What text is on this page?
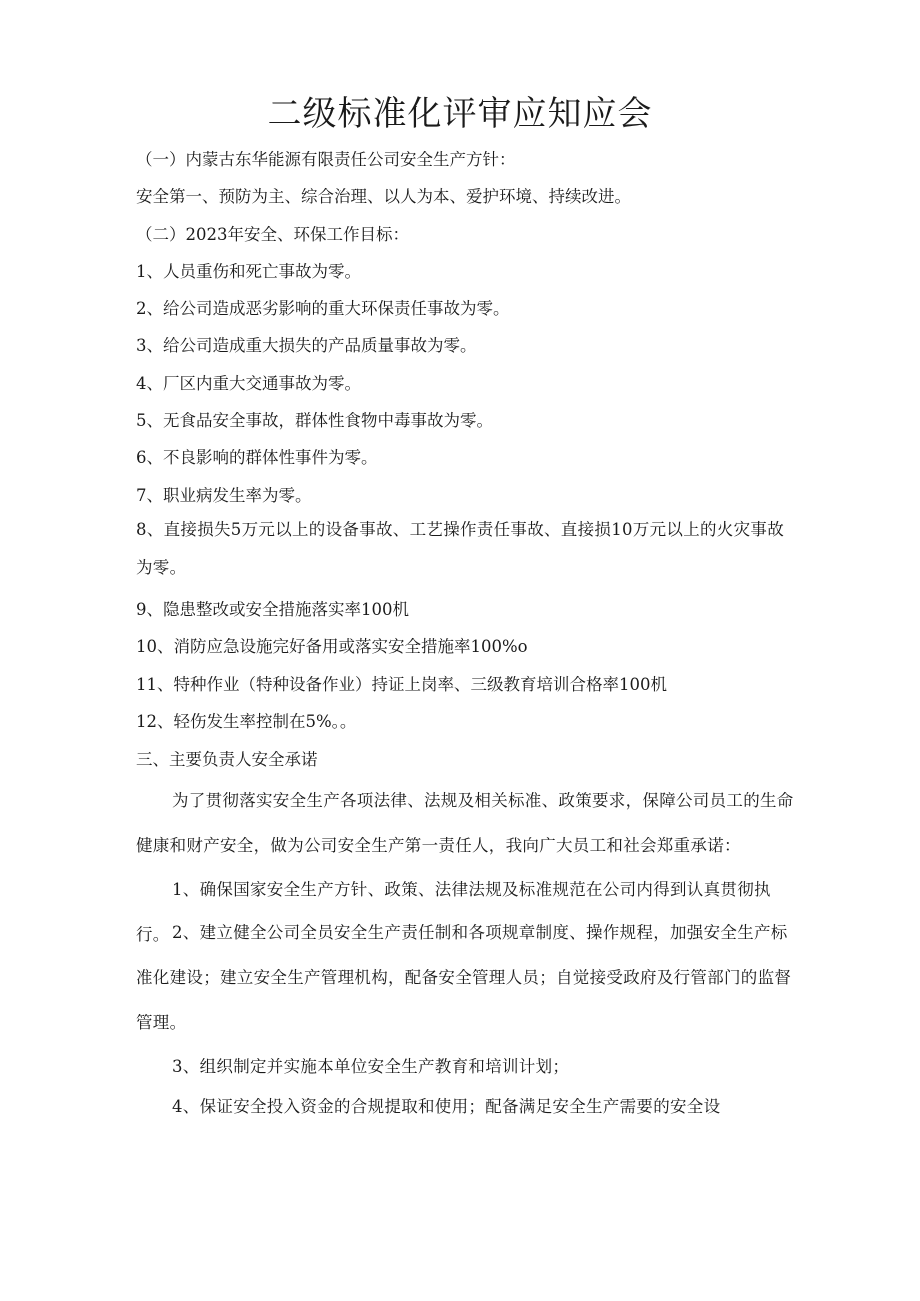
二级标准化评审应知应会
（一）内蒙古东华能源有限责任公司安全生产方针：
安全第一、预防为主、综合治理、以人为本、爱护环境、持续改进。
（二）2023年安全、环保工作目标：
1、人员重伤和死亡事故为零。
2、给公司造成恶劣影响的重大环保责任事故为零。
3、给公司造成重大损失的产品质量事故为零。
4、厂区内重大交通事故为零。
5、无食品安全事故，群体性食物中毒事故为零。
6、不良影响的群体性事件为零。
7、职业病发生率为零。
8、直接损失5万元以上的设备事故、工艺操作责任事故、直接损10万元以上的火灾事故为零。
9、隐患整改或安全措施落实率100机
10、消防应急设施完好备用或落实安全措施率100%o
11、特种作业（特种设备作业）持证上岗率、三级教育培训合格率100机
12、轻伤发生率控制在5%。。
三、主要负责人安全承诺
为了贯彻落实安全生产各项法律、法规及相关标准、政策要求，保障公司员工的生命健康和财产安全，做为公司安全生产第一责任人，我向广大员工和社会郑重承诺：
1、确保国家安全生产方针、政策、法律法规及标准规范在公司内得到认真贯彻执行。 2、建立健全公司全员安全生产责任制和各项规章制度、操作规程，加强安全生产标准化建设；建立安全生产管理机构，配备安全管理人员；自觉接受政府及行管部门的监督管理。
3、组织制定并实施本单位安全生产教育和培训计划；
4、保证安全投入资金的合规提取和使用；配备满足安全生产需要的安全设
